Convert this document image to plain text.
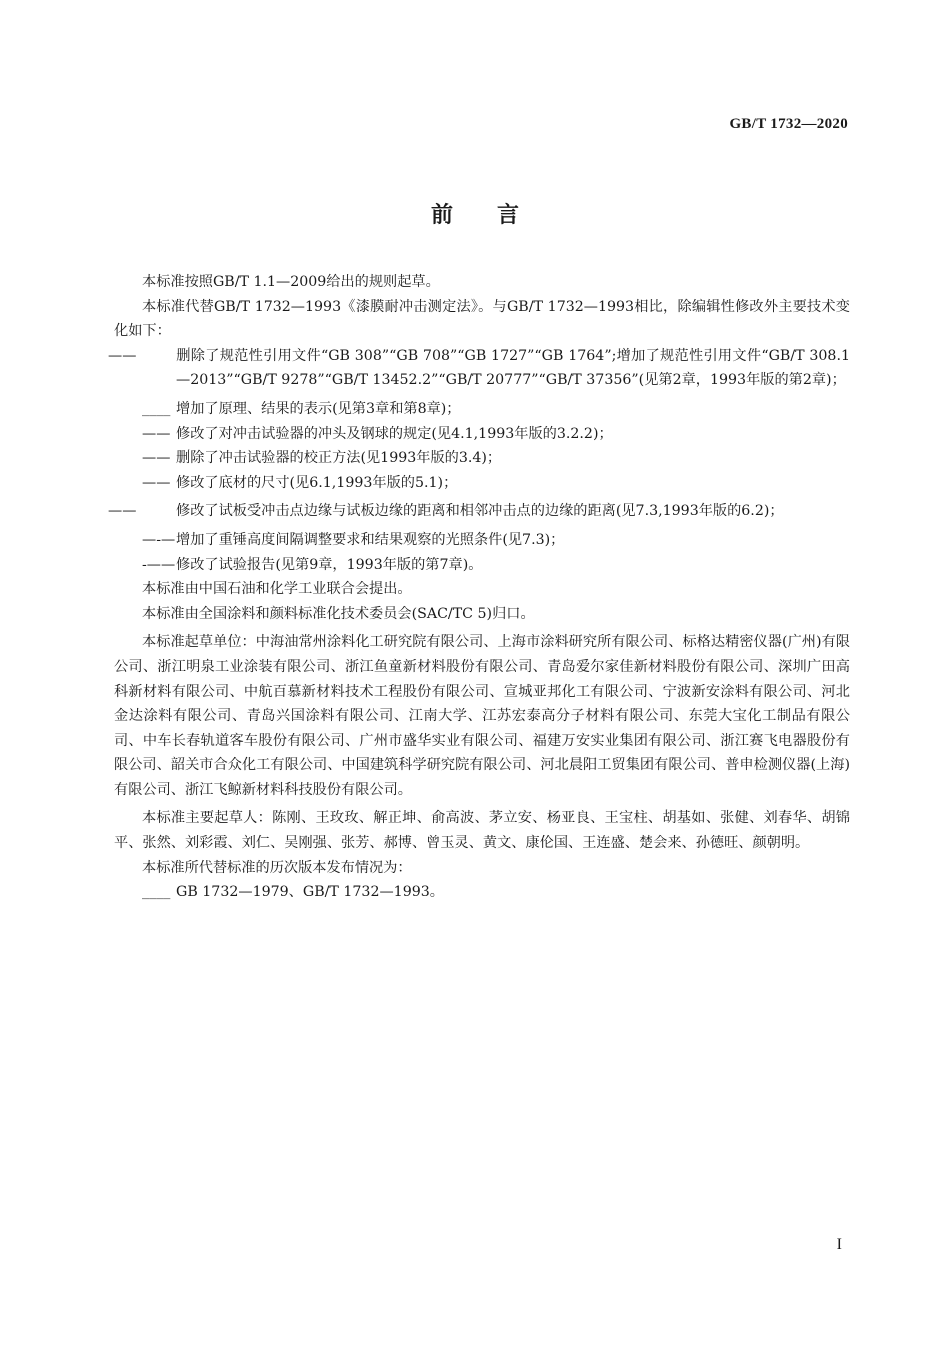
GB/T 1732—2020
前言

本标准按照GB/T 1.1—2009给出的规则起草。

本标准代替GB/T 1732—1993《漆膜耐冲击测定法》。与GB/T 1732—1993相比，除编辑性修改外主要技术变化如下：

——	删除了规范性引用文件“GB 308”“GB 708”“GB 1727”“GB 1764”;增加了规范性引用文件“GB/T 308.1—2013”“GB/T 9278”“GB/T 13452.2”“GB/T 20777”“GB/T 37356”(见第2章，1993年版的第2章)；

____ 增加了原理、结果的表示(见第3章和第8章)；

—— 修改了对冲击试验器的冲头及钢球的规定(见4.1,1993年版的3.2.2)；

—— 删除了冲击试验器的校正方法(见1993年版的3.4)；

—— 修改了底材的尺寸(见6.1,1993年版的5.1)；

——	修改了试板受冲击点边缘与试板边缘的距离和相邻冲击点的边缘的距离(见7.3,1993年版的6.2)；

—-—增加了重锤高度间隔调整要求和结果观察的光照条件(见7.3)；

-——修改了试验报告(见第9章，1993年版的第7章)。

本标准由中国石油和化学工业联合会提出。

本标准由全国涂料和颜料标准化技术委员会(SAC/TC 5)归口。

本标准起草单位：中海油常州涂料化工研究院有限公司、上海市涂料研究所有限公司、标格达精密仪器(广州)有限公司、浙江明泉工业涂装有限公司、浙江鱼童新材料股份有限公司、青岛爱尔家佳新材料股份有限公司、深圳广田高科新材料有限公司、中航百慕新材料技术工程股份有限公司、宣城亚邦化工有限公司、宁波新安涂料有限公司、河北金达涂料有限公司、青岛兴国涂料有限公司、江南大学、江苏宏泰高分子材料有限公司、东莞大宝化工制品有限公司、中车长春轨道客车股份有限公司、广州市盛华实业有限公司、福建万安实业集团有限公司、浙江赛飞电器股份有限公司、韶关市合众化工有限公司、中国建筑科学研究院有限公司、河北晨阳工贸集团有限公司、普申检测仪器(上海)有限公司、浙江飞鲸新材料科技股份有限公司。

本标准主要起草人：陈刚、王玫玫、解正坤、俞高波、茅立安、杨亚良、王宝柱、胡基如、张健、刘春华、胡锦平、张然、刘彩霞、刘仁、吴刚强、张芳、郝博、曾玉灵、黄文、康伦国、王连盛、楚会来、孙德旺、颜朝明。

本标准所代替标准的历次版本发布情况为：

____ GB 1732—1979、GB/T 1732—1993。

I
